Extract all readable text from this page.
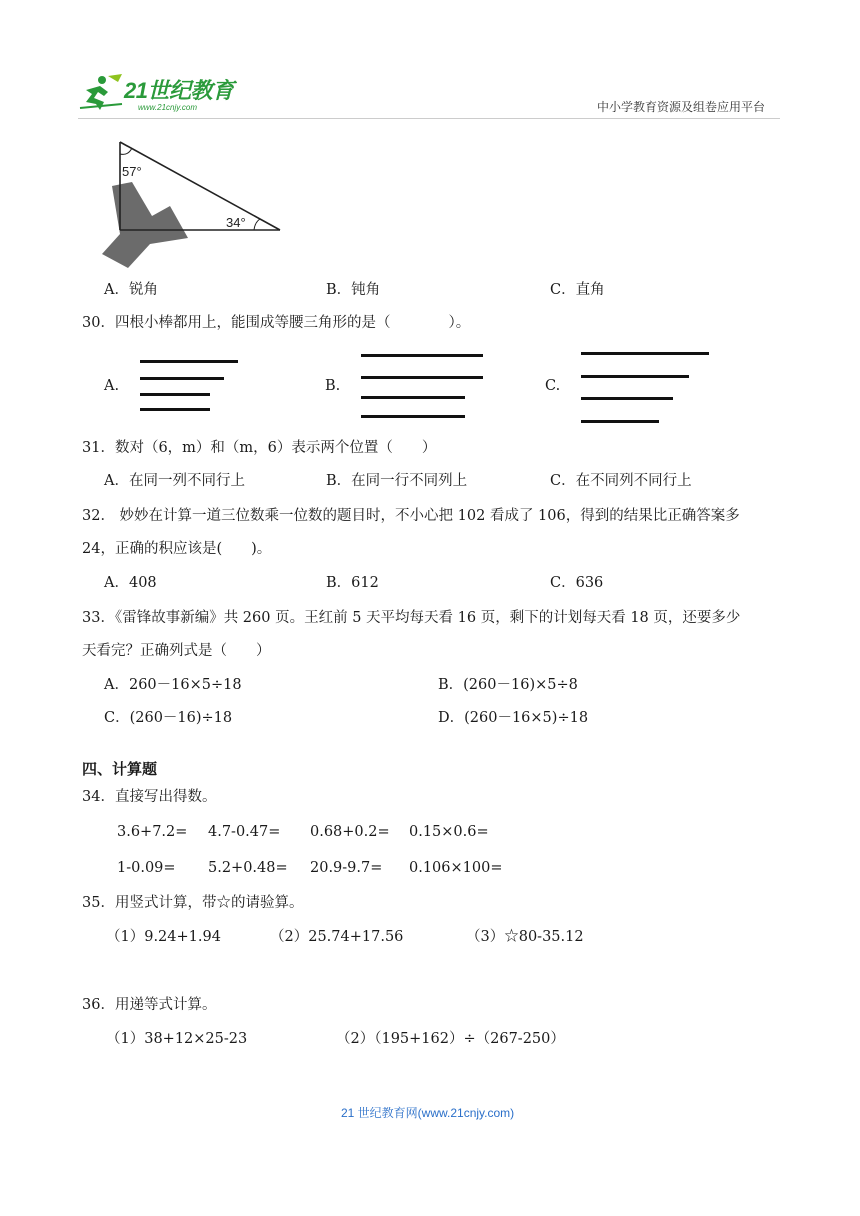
21世纪教育
www.21cnjy.com	中小学教育资源及组卷应用平台
57°
34°
A．锐角	B．钝角	C．直角
30．四根小棒都用上，能围成等腰三角形的是（　　　　）。
A.	B.	C.
31．数对（6，m）和（m，6）表示两个位置（　　）
A．在同一列不同行上	B．在同一行不同列上	C．在不同列不同行上
32． 妙妙在计算一道三位数乘一位数的题目时，不小心把 102 看成了 106，得到的结果比正确答案多
24，正确的积应该是(　　)。
A．408	B．612	C．636
33．《雷锋故事新编》共 260 页。王红前 5 天平均每天看 16 页，剩下的计划每天看 18 页，还要多少
天看完？正确列式是（　　）
A．260－16×5÷18	B．(260－16)×5÷8
C．(260－16)÷18	D．(260－16×5)÷18
四、计算题
34．直接写出得数。
3.6+7.2= 4.7-0.47= 0.68+0.2= 0.15×0.6=
1-0.09= 5.2+0.48= 20.9-9.7= 0.106×100=
35．用竖式计算，带☆的请验算。
（1）9.24+1.94	（2）25.74+17.56	（3）☆80-35.12
36．用递等式计算。
（1）38+12×25-23	（2）（195+162）÷（267-250）
21 世纪教育网(www.21cnjy.com)
